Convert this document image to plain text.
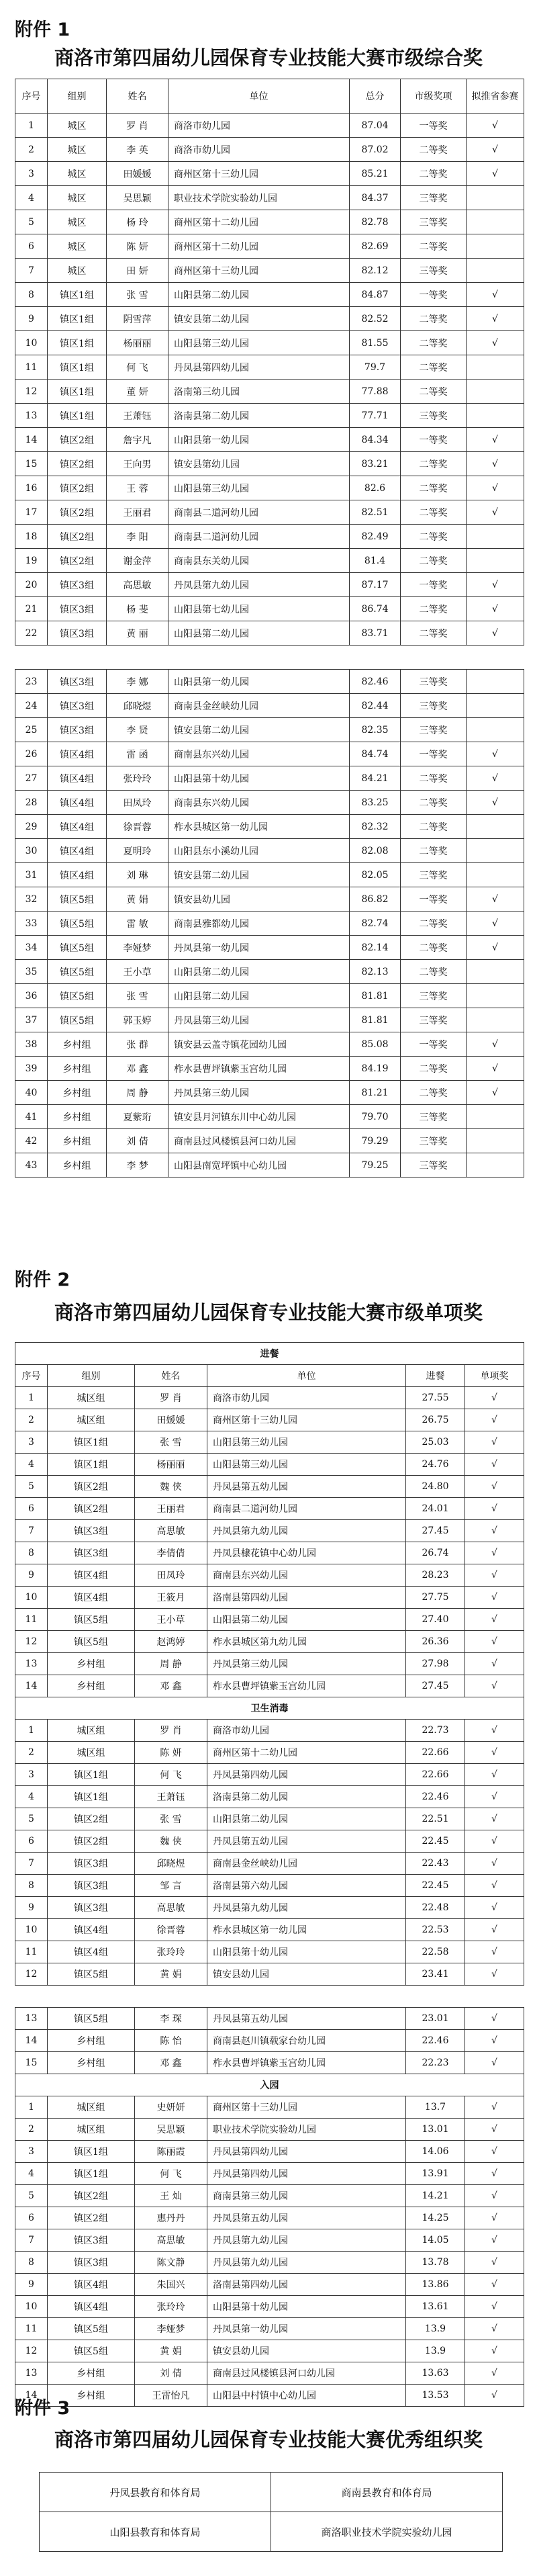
附件 1
商洛市第四届幼儿园保育专业技能大赛市级综合奖
序号	组别	姓名	单位	总分	市级奖项	拟推省参赛
1	城区	罗 肖	商洛市幼儿园	87.04	一等奖	√
2	城区	李 英	商洛市幼儿园	87.02	二等奖	√
3	城区	田媛媛	商州区第十三幼儿园	85.21	二等奖	√
4	城区	吴思颖	职业技术学院实验幼儿园	84.37	三等奖	
5	城区	杨 玲	商州区第十二幼儿园	82.78	三等奖	
6	城区	陈 妍	商州区第十二幼儿园	82.69	二等奖	
7	城区	田 妍	商州区第十三幼儿园	82.12	三等奖	
8	镇区1组	张 雪	山阳县第二幼儿园	84.87	一等奖	√
9	镇区1组	阴雪萍	镇安县第二幼儿园	82.52	二等奖	√
10	镇区1组	杨丽丽	山阳县第三幼儿园	81.55	二等奖	√
11	镇区1组	何 飞	丹凤县第四幼儿园	79.7	二等奖	
12	镇区1组	董 妍	洛南第三幼儿园	77.88	二等奖	
13	镇区1组	王萧钰	洛南县第二幼儿园	77.71	三等奖	
14	镇区2组	詹宇凡	山阳县第一幼儿园	84.34	一等奖	√
15	镇区2组	王向男	镇安县第幼儿园	83.21	二等奖	√
16	镇区2组	王 蓉	山阳县第三幼儿园	82.6	二等奖	√
17	镇区2组	王丽君	商南县二道河幼儿园	82.51	二等奖	√
18	镇区2组	李 阳	商南县二道河幼儿园	82.49	二等奖	
19	镇区2组	谢金萍	商南县东关幼儿园	81.4	二等奖	
20	镇区3组	高思敏	丹凤县第九幼儿园	87.17	一等奖	√
21	镇区3组	杨 斐	山阳县第七幼儿园	86.74	二等奖	√
22	镇区3组	黄 丽	山阳县第二幼儿园	83.71	二等奖	√

23	镇区3组	李 娜	山阳县第一幼儿园	82.46	三等奖	
24	镇区3组	邱晓煜	商南县金丝峡幼儿园	82.44	三等奖	
25	镇区3组	李 贤	镇安县第二幼儿园	82.35	三等奖	
26	镇区4组	雷 函	商南县东兴幼儿园	84.74	一等奖	√
27	镇区4组	张玲玲	山阳县第十幼儿园	84.21	二等奖	√
28	镇区4组	田凤玲	商南县东兴幼儿园	83.25	二等奖	√
29	镇区4组	徐晋蓉	柞水县城区第一幼儿园	82.32	二等奖	
30	镇区4组	夏明玲	山阳县东小溪幼儿园	82.08	二等奖	
31	镇区4组	刘 琳	镇安县第二幼儿园	82.05	三等奖	
32	镇区5组	黄 娟	镇安县幼儿园	86.82	一等奖	√
33	镇区5组	雷 敏	商南县雅都幼儿园	82.74	二等奖	√
34	镇区5组	李娅梦	丹凤县第一幼儿园	82.14	二等奖	√
35	镇区5组	王小草	山阳县第二幼儿园	82.13	二等奖	
36	镇区5组	张 雪	山阳县第二幼儿园	81.81	三等奖	
37	镇区5组	郭玉婷	丹凤县第三幼儿园	81.81	三等奖	
38	乡村组	张 群	镇安县云盖寺镇花园幼儿园	85.08	一等奖	√
39	乡村组	邓 鑫	柞水县曹坪镇紫玉宫幼儿园	84.19	二等奖	√
40	乡村组	周 静	丹凤县第三幼儿园	81.21	二等奖	√
41	乡村组	夏紫珩	镇安县月河镇东川中心幼儿园	79.70	三等奖	
42	乡村组	刘 倩	商南县过风楼镇县河口幼儿园	79.29	三等奖	
43	乡村组	李 梦	山阳县南宽坪镇中心幼儿园	79.25	三等奖	
附件 2
商洛市第四届幼儿园保育专业技能大赛市级单项奖
进餐					
序号	组别	姓名	单位	进餐	单项奖
1	城区组	罗 肖	商洛市幼儿园	27.55	√
2	城区组	田媛媛	商州区第十三幼儿园	26.75	√
3	镇区1组	张 雪	山阳县第三幼儿园	25.03	√
4	镇区1组	杨丽丽	山阳县第三幼儿园	24.76	√
5	镇区2组	魏 侠	丹凤县第五幼儿园	24.80	√
6	镇区2组	王丽君	商南县二道河幼儿园	24.01	√
7	镇区3组	高思敏	丹凤县第九幼儿园	27.45	√
8	镇区3组	李倩倩	丹凤县棣花镇中心幼儿园	26.74	√
9	镇区4组	田凤玲	商南县东兴幼儿园	28.23	√
10	镇区4组	王筱月	洛南县第四幼儿园	27.75	√
11	镇区5组	王小草	山阳县第二幼儿园	27.40	√
12	镇区5组	赵鸿婷	柞水县城区第九幼儿园	26.36	√
13	乡村组	周 静	丹凤县第三幼儿园	27.98	√
14	乡村组	邓 鑫	柞水县曹坪镇紫玉宫幼儿园	27.45	√
卫生消毒					
1	城区组	罗 肖	商洛市幼儿园	22.73	√
2	城区组	陈 妍	商州区第十二幼儿园	22.66	√
3	镇区1组	何 飞	丹凤县第四幼儿园	22.66	√
4	镇区1组	王萧钰	洛南县第二幼儿园	22.46	√
5	镇区2组	张 雪	山阳县第二幼儿园	22.51	√
6	镇区2组	魏 侠	丹凤县第五幼儿园	22.45	√
7	镇区3组	邱晓煜	商南县金丝峡幼儿园	22.43	√
8	镇区3组	邹 言	洛南县第六幼儿园	22.45	√
9	镇区3组	高思敏	丹凤县第九幼儿园	22.48	√
10	镇区4组	徐晋蓉	柞水县城区第一幼儿园	22.53	√
11	镇区4组	张玲玲	山阳县第十幼儿园	22.58	√
12	镇区5组	黄 娟	镇安县幼儿园	23.41	√

13	镇区5组	李 琛	丹凤县第五幼儿园	23.01	√
14	乡村组	陈 怡	商南县赵川镇载家台幼儿园	22.46	√
15	乡村组	邓 鑫	柞水县曹坪镇紫玉宫幼儿园	22.23	√
入园					
1	城区组	史妍妍	商州区第十三幼儿园	13.7	√
2	城区组	吴思颖	职业技术学院实验幼儿园	13.01	√
3	镇区1组	陈丽霞	丹凤县第四幼儿园	14.06	√
4	镇区1组	何 飞	丹凤县第四幼儿园	13.91	√
5	镇区2组	王 灿	商南县第三幼儿园	14.21	√
6	镇区2组	惠丹丹	丹凤县第五幼儿园	14.25	√
7	镇区3组	高思敏	丹凤县第九幼儿园	14.05	√
8	镇区3组	陈文静	丹凤县第九幼儿园	13.78	√
9	镇区4组	朱国兴	洛南县第四幼儿园	13.86	√
10	镇区4组	张玲玲	山阳县第十幼儿园	13.61	√
11	镇区5组	李娅梦	丹凤县第一幼儿园	13.9	√
12	镇区5组	黄 娟	镇安县幼儿园	13.9	√
13	乡村组	刘 倩	商南县过风楼镇县河口幼儿园	13.63	√
14	乡村组	王雷怡凡	山阳县中村镇中心幼儿园	13.53	√
附件 3
商洛市第四届幼儿园保育专业技能大赛优秀组织奖
丹凤县教育和体育局	商南县教育和体育局
山阳县教育和体育局	商洛职业技术学院实验幼儿园
